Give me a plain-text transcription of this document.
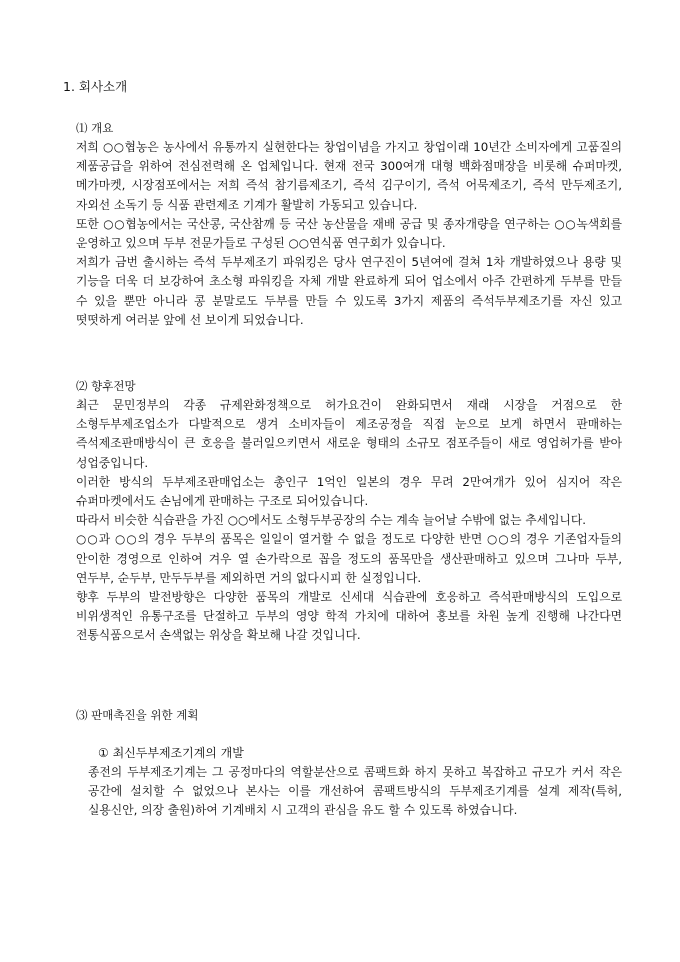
1. 회사소개

⑴ 개요

저희 ○○협농은 농사에서 유통까지 실현한다는 창업이념을 가지고 창업이래 10년간 소비자에게 고품질의 제품공급을 위하여 전심전력해 온 업체입니다. 현재 전국 300여개 대형 백화점매장을 비롯해 슈퍼마켓, 메가마켓, 시장점포에서는 저희 즉석 참기름제조기, 즉석 김구이기, 즉석 어묵제조기, 즉석 만두제조기, 자외선 소독기 등 식품 관련제조 기계가 활발히 가동되고 있습니다.

또한 ○○협농에서는 국산콩, 국산참깨 등 국산 농산물을 재배 공급 및 종자개량을 연구하는 ○○녹색회를 운영하고 있으며 두부 전문가들로 구성된 ○○연식품 연구회가 있습니다.

저희가 금번 출시하는 즉석 두부제조기 파워킹은 당사 연구진이 5년여에 걸쳐 1차 개발하였으나 용량 및 기능을 더욱 더 보강하여 초소형 파워킹을 자체 개발 완료하게 되어 업소에서 아주 간편하게 두부를 만들 수 있을 뿐만 아니라 콩 분말로도 두부를 만들 수 있도록 3가지 제품의 즉석두부제조기를 자신 있고 떳떳하게 여러분 앞에 선 보이게 되었습니다.

⑵ 향후전망

최근 문민정부의 각종 규제완화정책으로 허가요건이 완화되면서 재래 시장을 거점으로 한 소형두부제조업소가 다발적으로 생겨 소비자들이 제조공정을 직접 눈으로 보게 하면서 판매하는 즉석제조판매방식이 큰 호응을 불러일으키면서 새로운 형태의 소규모 점포주들이 새로 영업허가를 받아 성업중입니다.

이러한 방식의 두부제조판매업소는 총인구 1억인 일본의 경우 무려 2만여개가 있어 심지어 작은 슈퍼마켓에서도 손님에게 판매하는 구조로 되어있습니다.

따라서 비슷한 식습관을 가진 ○○에서도 소형두부공장의 수는 계속 늘어날 수밖에 없는 추세입니다.

○○과 ○○의 경우 두부의 품목은 일일이 열거할 수 없을 정도로 다양한 반면 ○○의 경우 기존업자들의 안이한 경영으로 인하여 겨우 열 손가락으로 꼽을 정도의 품목만을 생산판매하고 있으며 그나마 두부, 연두부, 순두부, 만두두부를 제외하면 거의 없다시피 한 실정입니다.

향후 두부의 발전방향은 다양한 품목의 개발로 신세대 식습관에 호응하고 즉석판매방식의 도입으로 비위생적인 유통구조를 단절하고 두부의 영양 학적 가치에 대하여 홍보를 차원 높게 진행해 나간다면 전통식품으로서 손색없는 위상을 확보해 나갈 것입니다.

⑶ 판매촉진을 위한 계획

① 최신두부제조기계의 개발

종전의 두부제조기계는 그 공정마다의 역할분산으로 콤팩트화 하지 못하고 복잡하고 규모가 커서 작은 공간에 설치할 수 없었으나 본사는 이를 개선하여 콤팩트방식의 두부제조기계를 설계 제작(특허, 실용신안, 의장 출원)하여 기계배치 시 고객의 관심을 유도 할 수 있도록 하였습니다.
